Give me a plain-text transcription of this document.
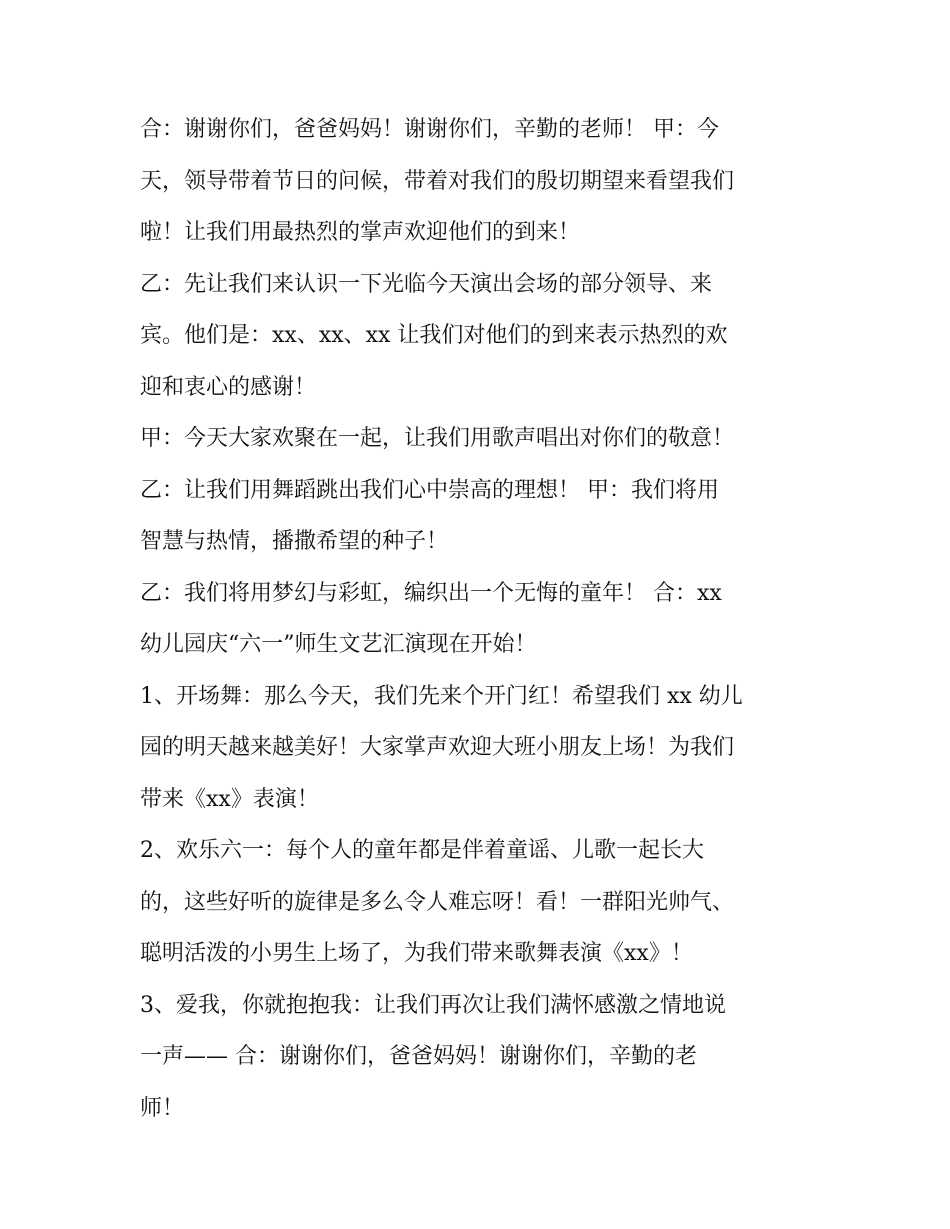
合：谢谢你们，爸爸妈妈！谢谢你们，辛勤的老师！ 甲：今
天，领导带着节日的问候，带着对我们的殷切期望来看望我们
啦！让我们用最热烈的掌声欢迎他们的到来！
乙：先让我们来认识一下光临今天演出会场的部分领导、来
宾。他们是：xx、xx、xx 让我们对他们的到来表示热烈的欢
迎和衷心的感谢！
甲：今天大家欢聚在一起，让我们用歌声唱出对你们的敬意！
乙：让我们用舞蹈跳出我们心中崇高的理想！ 甲：我们将用
智慧与热情，播撒希望的种子！
乙：我们将用梦幻与彩虹，编织出一个无悔的童年！ 合：xx
幼儿园庆“六一”师生文艺汇演现在开始！
1、开场舞：那么今天，我们先来个开门红！希望我们 xx 幼儿
园的明天越来越美好！大家掌声欢迎大班小朋友上场！为我们
带来《xx》表演！
2、欢乐六一：每个人的童年都是伴着童谣、儿歌一起长大
的，这些好听的旋律是多么令人难忘呀！看！一群阳光帅气、
聪明活泼的小男生上场了，为我们带来歌舞表演《xx》！
3、爱我，你就抱抱我：让我们再次让我们满怀感激之情地说
一声—— 合：谢谢你们，爸爸妈妈！谢谢你们，辛勤的老
师！
